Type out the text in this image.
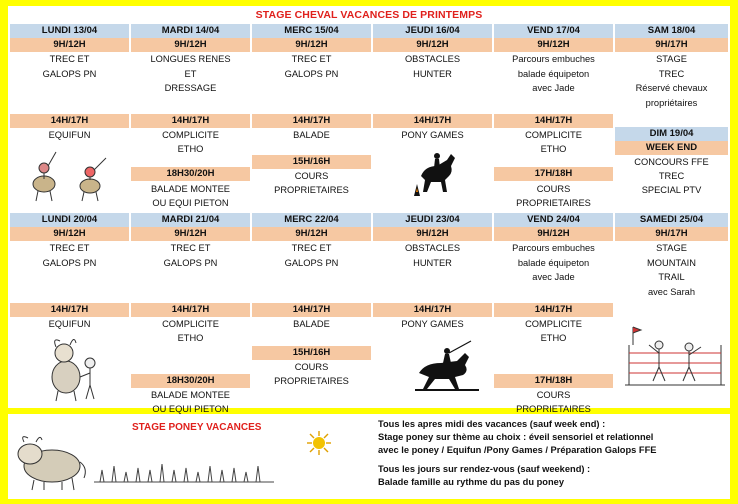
STAGE CHEVAL VACANCES DE PRINTEMPS
LUNDI 13/04
9H/12H
TREC ET
GALOPS PN
14H/17H
EQUIFUN
MARDI 14/04
9H/12H
LONGUES RENES
ET
DRESSAGE
14H/17H
COMPLICITE
ETHO
18H30/20H
BALADE MONTEE
OU EQUI PIETON
MERC 15/04
9H/12H
TREC ET
GALOPS PN
14H/17H
BALADE
15H/16H
COURS
PROPRIETAIRES
JEUDI 16/04
9H/12H
OBSTACLES
HUNTER
14H/17H
PONY GAMES
VEND 17/04
9H/12H
Parcours embuches
balade équipeton
avec Jade
14H/17H
COMPLICITE
ETHO
17H/18H
COURS
PROPRIETAIRES
SAM 18/04
9H/17H
STAGE
TREC
Réservé chevaux
propriétaires
DIM 19/04
WEEK END
CONCOURS FFE
TREC
SPECIAL PTV
LUNDI 20/04
9H/12H
TREC ET
GALOPS PN
14H/17H
EQUIFUN
MARDI 21/04
9H/12H
TREC ET
GALOPS PN
14H/17H
COMPLICITE
ETHO
18H30/20H
BALADE MONTEE
OU EQUI PIETON
MERC 22/04
9H/12H
TREC ET
GALOPS PN
14H/17H
BALADE
15H/16H
COURS
PROPRIETAIRES
JEUDI 23/04
9H/12H
OBSTACLES
HUNTER
14H/17H
PONY GAMES
VEND 24/04
9H/12H
Parcours embuches
balade équipeton
avec Jade
14H/17H
COMPLICITE
ETHO
17H/18H
COURS
PROPRIETAIRES
SAMEDI 25/04
9H/17H
STAGE
MOUNTAIN
TRAIL
avec Sarah
STAGE PONEY VACANCES	Tous les apres midi des vacances (sauf week end) :

Stage poney sur thème au choix : éveil sensoriel et relationnel

avec le poney / Equifun /Pony Games / Préparation Galops FFE

Tous les jours sur rendez-vous (sauf weekend) :

Balade famille au rythme du pas du poney
